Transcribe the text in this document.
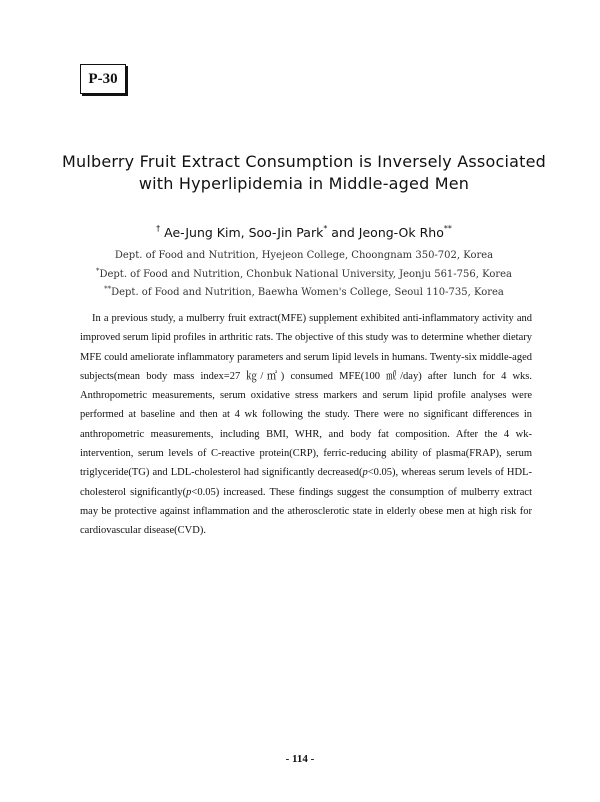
P-30
Mulberry Fruit Extract Consumption is Inversely Associated
with Hyperlipidemia in Middle-aged Men
† Ae-Jung Kim, Soo-Jin Park* and Jeong-Ok Rho**
Dept. of Food and Nutrition, Hyejeon College, Choongnam 350-702, Korea
*Dept. of Food and Nutrition, Chonbuk National University, Jeonju 561-756, Korea
**Dept. of Food and Nutrition, Baewha Women's College, Seoul 110-735, Korea

In a previous study, a mulberry fruit extract(MFE) supplement exhibited anti-inflammatory activity and improved serum lipid profiles in arthritic rats. The objective of this study was to determine whether dietary MFE could ameliorate inflammatory parameters and serum lipid levels in humans. Twenty-six middle-aged subjects(mean body mass index=27 ㎏/㎡) consumed MFE(100 ㎖/day) after lunch for 4 wks. Anthropometric measurements, serum oxidative stress markers and serum lipid profile analyses were performed at baseline and then at 4 wk following the study. There were no significant differences in anthropometric measurements, including BMI, WHR, and body fat composition. After the 4 wk-intervention, serum levels of C-reactive protein(CRP), ferric-reducing ability of plasma(FRAP), serum triglyceride(TG) and LDL-cholesterol had significantly decreased(p<0.05), whereas serum levels of HDL-cholesterol significantly(p<0.05) increased. These findings suggest the consumption of mulberry extract may be protective against inflammation and the atherosclerotic state in elderly obese men at high risk for cardiovascular disease(CVD).

- 114 -
